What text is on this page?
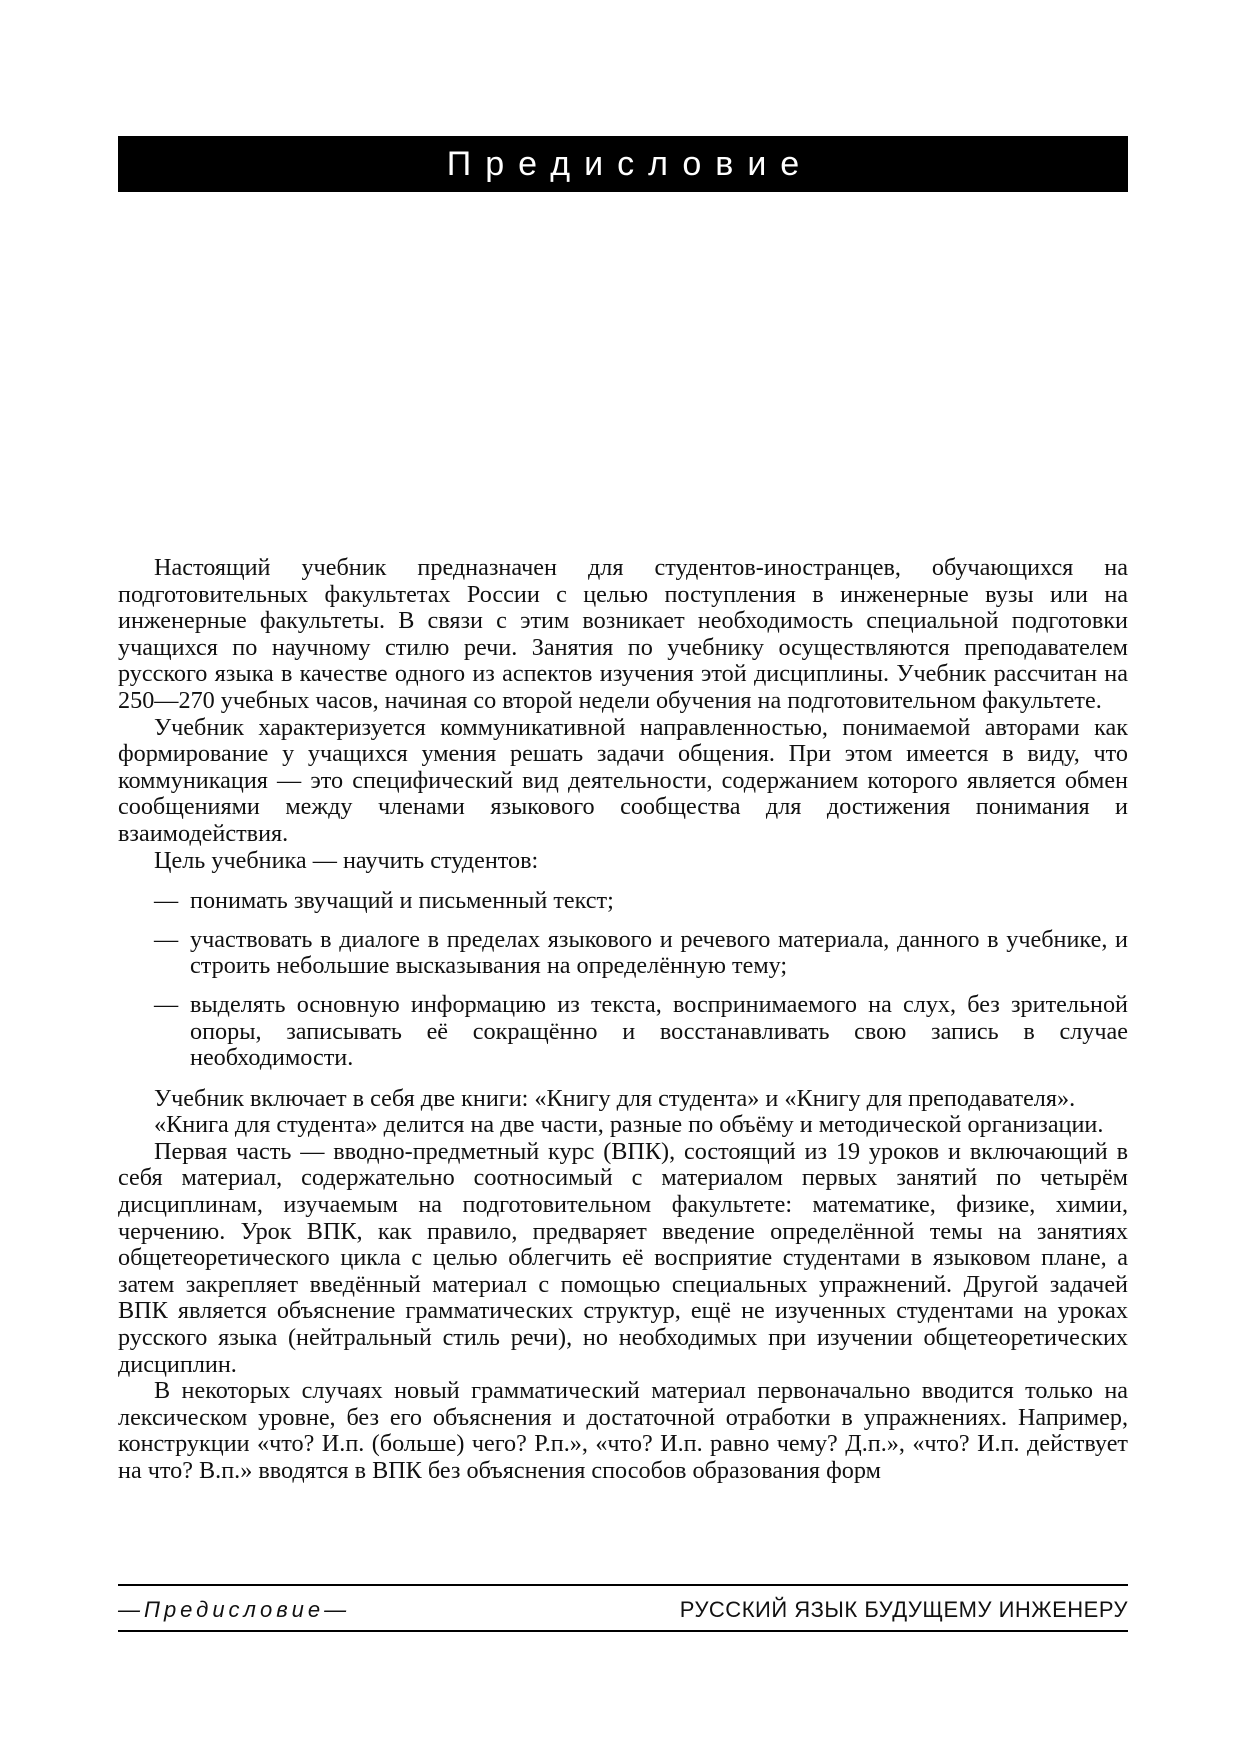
Предисловие

Настоящий учебник предназначен для студентов-иностранцев, обучающихся на подготовительных факультетах России с целью поступления в инженерные вузы или на инженерные факультеты. В связи с этим возникает необходимость специальной подготовки учащихся по научному стилю речи. Занятия по учебнику осуществляются преподавателем русского языка в качестве одного из аспектов изучения этой дисциплины. Учебник рассчитан на 250—270 учебных часов, начиная со второй недели обучения на подготовительном факультете.

Учебник характеризуется коммуникативной направленностью, понимаемой авторами как формирование у учащихся умения решать задачи общения. При этом имеется в виду, что коммуникация — это специфический вид деятельности, содержанием которого является обмен сообщениями между членами языкового сообщества для достижения понимания и взаимодействия.

Цель учебника — научить студентов:

— понимать звучащий и письменный текст;
— участвовать в диалоге в пределах языкового и речевого материала, данного в учебнике, и строить небольшие высказывания на определённую тему;
— выделять основную информацию из текста, воспринимаемого на слух, без зрительной опоры, записывать её сокращённо и восстанавливать свою запись в случае необходимости.

Учебник включает в себя две книги: «Книгу для студента» и «Книгу для преподавателя».

«Книга для студента» делится на две части, разные по объёму и методической организации.

Первая часть — вводно-предметный курс (ВПК), состоящий из 19 уроков и включающий в себя материал, содержательно соотносимый с материалом первых занятий по четырём дисциплинам, изучаемым на подготовительном факультете: математике, физике, химии, черчению. Урок ВПК, как правило, предваряет введение определённой темы на занятиях общетеоретического цикла с целью облегчить её восприятие студентами в языковом плане, а затем закрепляет введённый материал с помощью специальных упражнений. Другой задачей ВПК является объяснение грамматических структур, ещё не изученных студентами на уроках русского языка (нейтральный стиль речи), но необходимых при изучении общетеоретических дисциплин.

В некоторых случаях новый грамматический материал первоначально вводится только на лексическом уровне, без его объяснения и достаточной отработки в упражнениях. Например, конструкции «что? И.п. (больше) чего? Р.п.», «что? И.п. равно чему? Д.п.», «что? И.п. действует на что? В.п.» вводятся в ВПК без объяснения способов образования форм

—Предисловие—	РУССКИЙ ЯЗЫК БУДУЩЕМУ ИНЖЕНЕРУ
